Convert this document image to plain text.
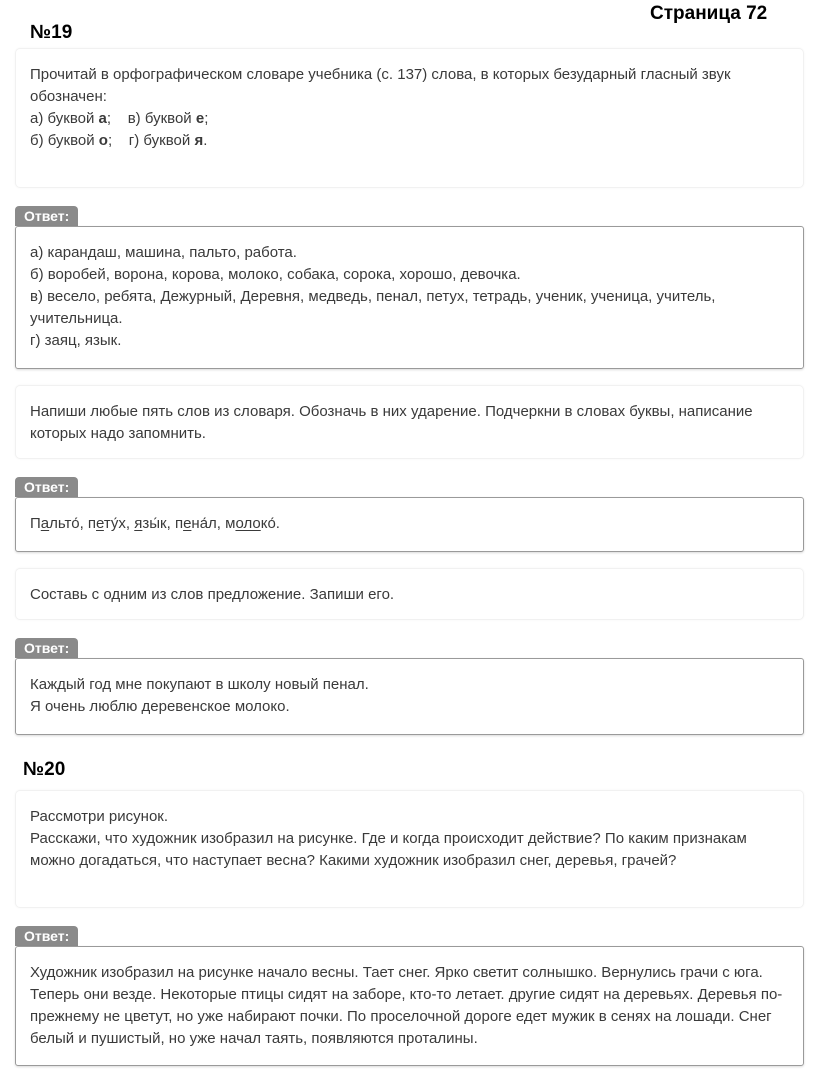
Страница 72
№19
Прочитай в орфографическом словаре учебника (с. 137) слова, в которых безударный гласный звук обозначен:
а) буквой а;    в) буквой е;
б) буквой о;    г) буквой я.
Ответ:
а) карандаш, машина, пальто, работа.
б) воробей, ворона, корова, молоко, собака, сорока, хорошо, девочка.
в) весело, ребята, Дежурный, Деревня, медведь, пенал, петух, тетрадь, ученик, ученица, учитель, учительница.
г) заяц, язык.
Напиши любые пять слов из словаря. Обозначь в них ударение. Подчеркни в словах буквы, написание которых надо запомнить.
Ответ:
Пальто́, пету́х, язы́к, пена́л, молоко́.
Составь с одним из слов предложение. Запиши его.
Ответ:
Каждый год мне покупают в школу новый пенал.
Я очень люблю деревенское молоко.
№20
Рассмотри рисунок.
Расскажи, что художник изобразил на рисунке. Где и когда происходит действие? По каким признакам можно догадаться, что наступает весна? Какими художник изобразил снег, деревья, грачей?
Ответ:
Художник изобразил на рисунке начало весны. Тает снег. Ярко светит солнышко. Вернулись грачи с юга. Теперь они везде. Некоторые птицы сидят на заборе, кто-то летает. другие сидят на деревьях. Деревья по-прежнему не цветут, но уже набирают почки. По проселочной дороге едет мужик в сенях на лошади. Снег белый и пушистый, но уже начал таять, появляются проталины.
